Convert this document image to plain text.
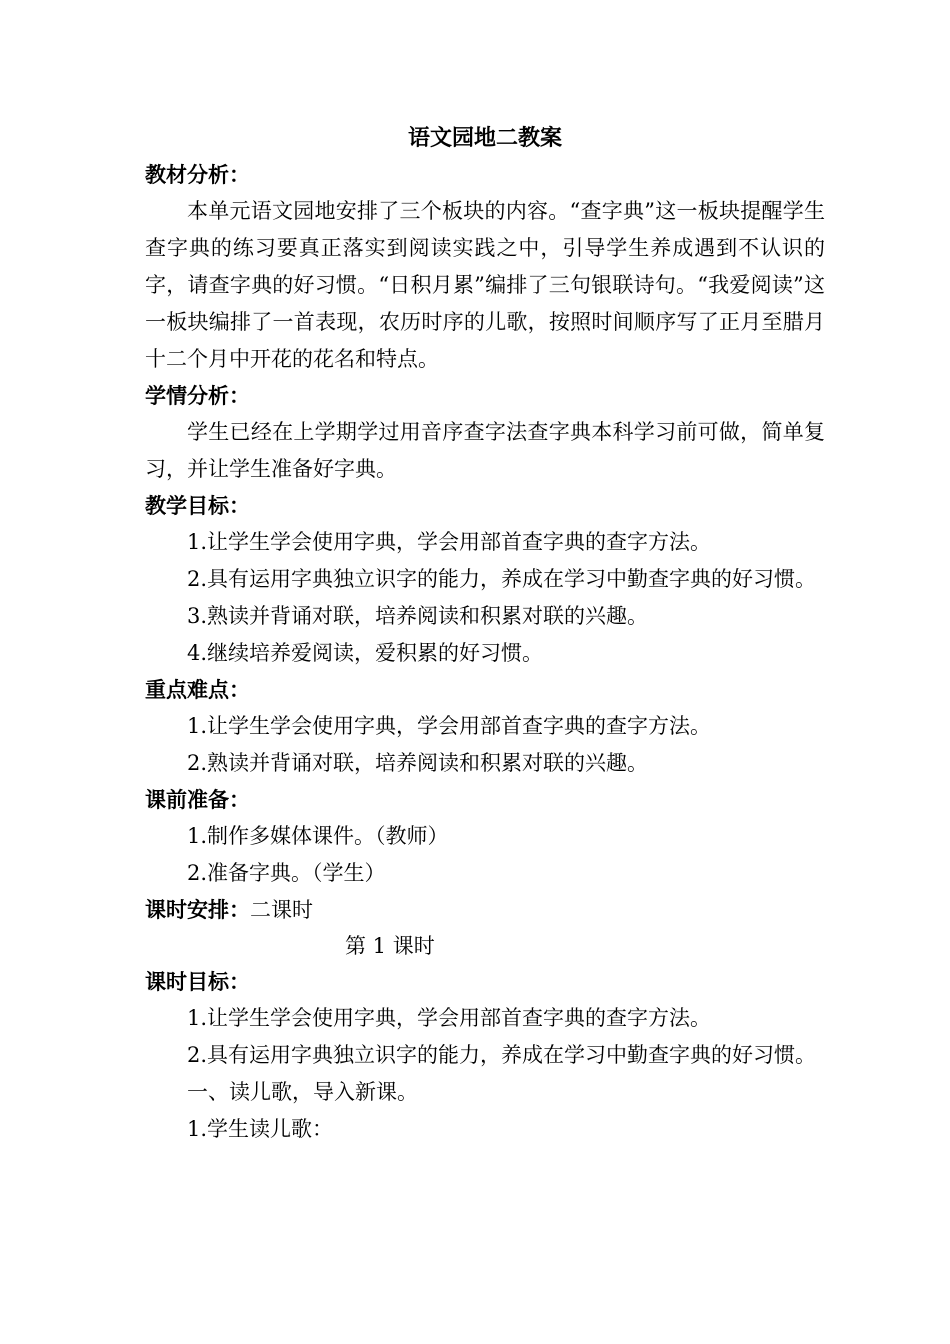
语文园地二教案
教材分析：

本单元语文园地安排了三个板块的内容。“查字典”这一板块提醒学生查字典的练习要真正落实到阅读实践之中，引导学生养成遇到不认识的字，请查字典的好习惯。“日积月累”编排了三句银联诗句。“我爱阅读”这一板块编排了一首表现，农历时序的儿歌，按照时间顺序写了正月至腊月十二个月中开花的花名和特点。

学情分析：

学生已经在上学期学过用音序查字法查字典本科学习前可做，简单复习，并让学生准备好字典。

教学目标：

1.让学生学会使用字典，学会用部首查字典的查字方法。

2.具有运用字典独立识字的能力，养成在学习中勤查字典的好习惯。

3.熟读并背诵对联，培养阅读和积累对联的兴趣。

4.继续培养爱阅读，爱积累的好习惯。

重点难点：

1.让学生学会使用字典，学会用部首查字典的查字方法。

2.熟读并背诵对联，培养阅读和积累对联的兴趣。

课前准备：

1.制作多媒体课件。（教师）

2.准备字典。（学生）

课时安排：二课时
第 1 课时
课时目标：

1.让学生学会使用字典，学会用部首查字典的查字方法。

2.具有运用字典独立识字的能力，养成在学习中勤查字典的好习惯。

一、读儿歌，导入新课。

1.学生读儿歌：
